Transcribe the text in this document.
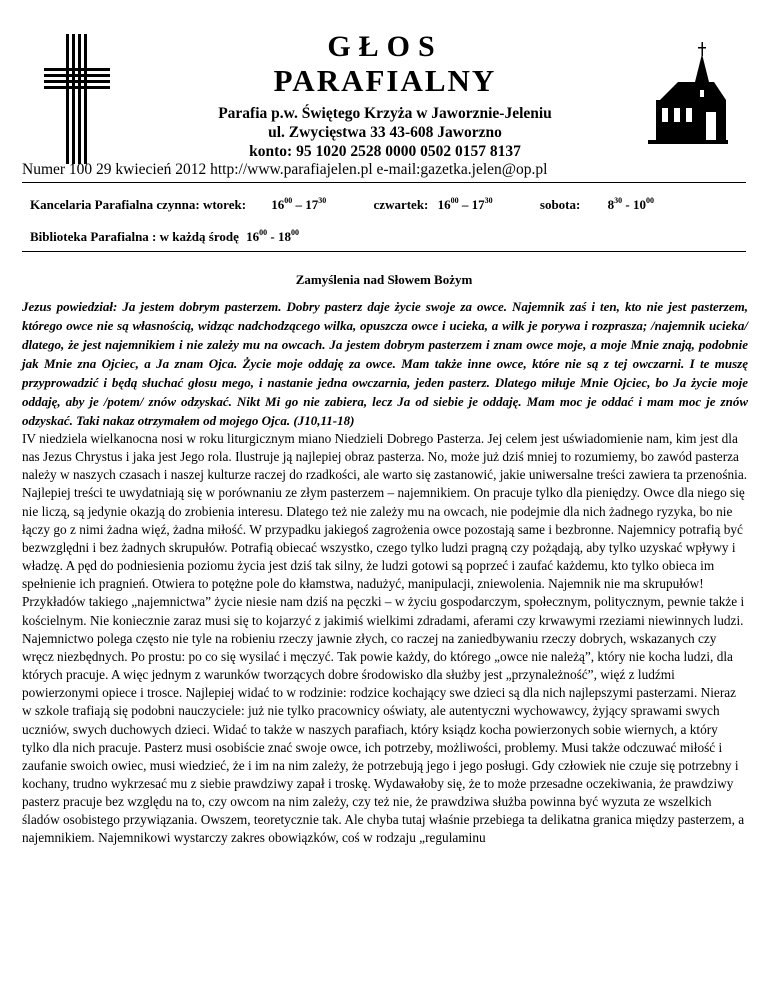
GŁOS
PARAFIALNY
Parafia p.w. Świętego Krzyża w Jaworznie-Jeleniu
ul. Zwycięstwa 33 43-608 Jaworzno
konto: 95 1020 2528 0000 0502 0157 8137
Numer 100 29 kwiecień 2012 http://www.parafiajelen.pl e-mail:gazetka.jelen@op.pl
Kancelaria Parafialna czynna: wtorek: $16^{00} - 17^{30}$	czwartek: $16^{00} - 17^{30}$	sobota: $8^{30} - 10^{00}$
Biblioteka Parafialna : w każdą środę $16^{00} - 18^{00}$
Zamyślenia nad Słowem Bożym
Jezus powiedział: Ja jestem dobrym pasterzem. Dobry pasterz daje życie swoje za owce. Najemnik zaś i ten, kto nie jest pasterzem, którego owce nie są własnością, widząc nadchodzącego wilka, opuszcza owce i ucieka, a wilk je porywa i rozprasza; /najemnik ucieka/ dlatego, że jest najemnikiem i nie zależy mu na owcach. Ja jestem dobrym pasterzem i znam owce moje, a moje Mnie znają, podobnie jak Mnie zna Ojciec, a Ja znam Ojca. Życie moje oddaję za owce. Mam także inne owce, które nie są z tej owczarni. I te muszę przyprowadzić i będą słuchać głosu mego, i nastanie jedna owczarnia, jeden pasterz. Dlatego miłuje Mnie Ojciec, bo Ja życie moje oddaję, aby je /potem/ znów odzyskać. Nikt Mi go nie zabiera, lecz Ja od siebie je oddaję. Mam moc je oddać i mam moc je znów odzyskać. Taki nakaz otrzymałem od mojego Ojca. (J10,11-18)
IV niedziela wielkanocna nosi w roku liturgicznym miano Niedzieli Dobrego Pasterza. Jej celem jest uświadomienie nam, kim jest dla nas Jezus Chrystus i jaka jest Jego rola. Ilustruje ją najlepiej obraz pasterza. No, może już dziś mniej to rozumiemy, bo zawód pasterza należy w naszych czasach i naszej kulturze raczej do rzadkości, ale warto się zastanowić, jakie uniwersalne treści zawiera ta przenośnia. Najlepiej treści te uwydatniają się w porównaniu ze złym pasterzem – najemnikiem. On pracuje tylko dla pieniędzy. Owce dla niego się nie liczą, są jedynie okazją do zrobienia interesu. Dlatego też nie zależy mu na owcach, nie podejmie dla nich żadnego ryzyka, bo nie łączy go z nimi żadna więź, żadna miłość. W przypadku jakiegoś zagrożenia owce pozostają same i bezbronne. Najemnicy potrafią być bezwzględni i bez żadnych skrupułów. Potrafią obiecać wszystko, czego tylko ludzi pragną czy pożądają, aby tylko uzyskać wpływy i władzę. A pęd do podniesienia poziomu życia jest dziś tak silny, że ludzi gotowi są poprzeć i zaufać każdemu, kto tylko obieca im spełnienie ich pragnień. Otwiera to potężne pole do kłamstwa, nadużyć, manipulacji, zniewolenia. Najemnik nie ma skrupułów! Przykładów takiego „najemnictwa” życie niesie nam dziś na pęczki – w życiu gospodarczym, społecznym, politycznym, pewnie także i kościelnym. Nie koniecznie zaraz musi się to kojarzyć z jakimiś wielkimi zdradami, aferami czy krwawymi rzeziami niewinnych ludzi. Najemnictwo polega często nie tyle na robieniu rzeczy jawnie złych, co raczej na zaniedbywaniu rzeczy dobrych, wskazanych czy wręcz niezbędnych. Po prostu: po co się wysilać i męczyć. Tak powie każdy, do którego „owce nie należą”, który nie kocha ludzi, dla których pracuje. A więc jednym z warunków tworzących dobre środowisko dla służby jest „przynależność”, więź z ludźmi powierzonymi opiece i trosce. Najlepiej widać to w rodzinie: rodzice kochający swe dzieci są dla nich najlepszymi pasterzami. Nieraz w szkole trafiają się podobni nauczyciele: już nie tylko pracownicy oświaty, ale autentyczni wychowawcy, żyjący sprawami swych uczniów, swych duchowych dzieci. Widać to także w naszych parafiach, który ksiądz kocha powierzonych sobie wiernych, a który tylko dla nich pracuje. Pasterz musi osobiście znać swoje owce, ich potrzeby, możliwości, problemy. Musi także odczuwać miłość i zaufanie swoich owiec, musi wiedzieć, że i im na nim zależy, że potrzebują jego i jego posługi. Gdy człowiek nie czuje się potrzebny i kochany, trudno wykrzesać mu z siebie prawdziwy zapał i troskę. Wydawałoby się, że to może przesadne oczekiwania, że prawdziwy pasterz pracuje bez względu na to, czy owcom na nim zależy, czy też nie, że prawdziwa służba powinna być wyzuta ze wszelkich śladów osobistego przywiązania. Owszem, teoretycznie tak. Ale chyba tutaj właśnie przebiega ta delikatna granica między pasterzem, a najemnikiem. Najemnikowi wystarczy zakres obowiązków, coś w rodzaju „regulaminu
